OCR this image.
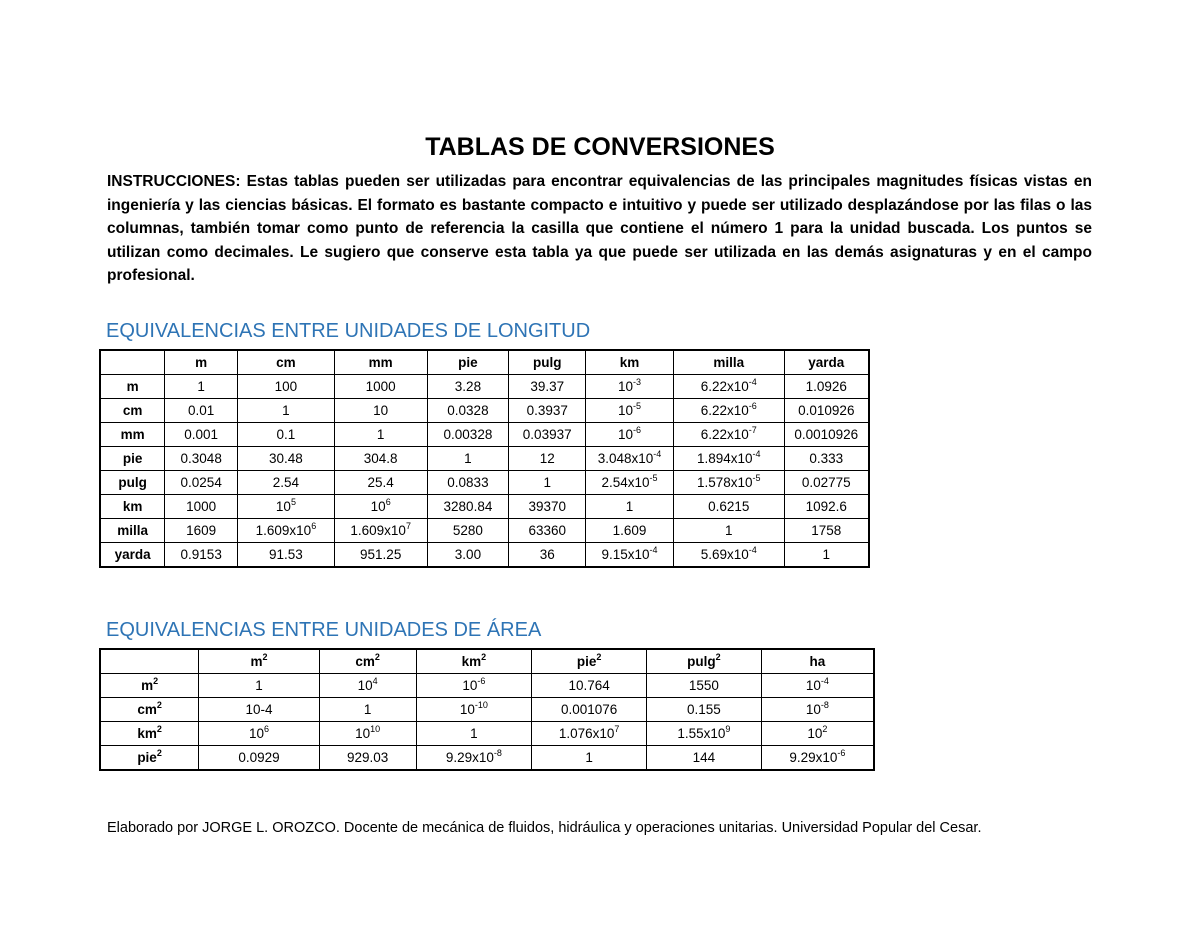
TABLAS DE CONVERSIONES
INSTRUCCIONES: Estas tablas pueden ser utilizadas para encontrar equivalencias de las principales magnitudes físicas vistas en ingeniería y las ciencias básicas. El formato es bastante compacto e intuitivo y puede ser utilizado desplazándose por las filas o las columnas, también tomar como punto de referencia la casilla que contiene el número 1 para la unidad buscada. Los puntos se utilizan como decimales. Le sugiero que conserve esta tabla ya que puede ser utilizada en las demás asignaturas y en el campo profesional.
EQUIVALENCIAS ENTRE UNIDADES DE LONGITUD
	m	cm	mm	pie	pulg	km	milla	yarda
m	1	100	1000	3.28	39.37	$10^{-3}$	$6.22x10^{-4}$	1.0926
cm	0.01	1	10	0.0328	0.3937	$10^{-5}$	$6.22x10^{-6}$	0.010926
mm	0.001	0.1	1	0.00328	0.03937	$10^{-6}$	$6.22x10^{-7}$	0.0010926
pie	0.3048	30.48	304.8	1	12	$3.048x10^{-4}$	$1.894x10^{-4}$	0.333
pulg	0.0254	2.54	25.4	0.0833	1	$2.54x10^{-5}$	$1.578x10^{-5}$	0.02775
km	1000	$10^5$	$10^6$	3280.84	39370	1	0.6215	1092.6
milla	1609	$1.609x10^6$	$1.609x10^7$	5280	63360	1.609	1	1758
yarda	0.9153	91.53	951.25	3.00	36	$9.15x10^{-4}$	$5.69x10^{-4}$	1
EQUIVALENCIAS ENTRE UNIDADES DE ÁREA
	$m^2$	$cm^2$	$km^2$	pie$^2$	pulg$^2$	ha
$m^2$	1	$10^4$	$10^{-6}$	10.764	1550	$10^{-4}$
$cm^2$	10-4	1	$10^{-10}$	0.001076	0.155	$10^{-8}$
$km^2$	$10^6$	$10^{10}$	1	$1.076x10^7$	$1.55x10^9$	$10^2$
pie$^2$	0.0929	929.03	$9.29x10^{-8}$	1	144	$9.29x10^{-6}$
Elaborado por JORGE L. OROZCO. Docente de mecánica de fluidos, hidráulica y operaciones unitarias. Universidad Popular del Cesar.
